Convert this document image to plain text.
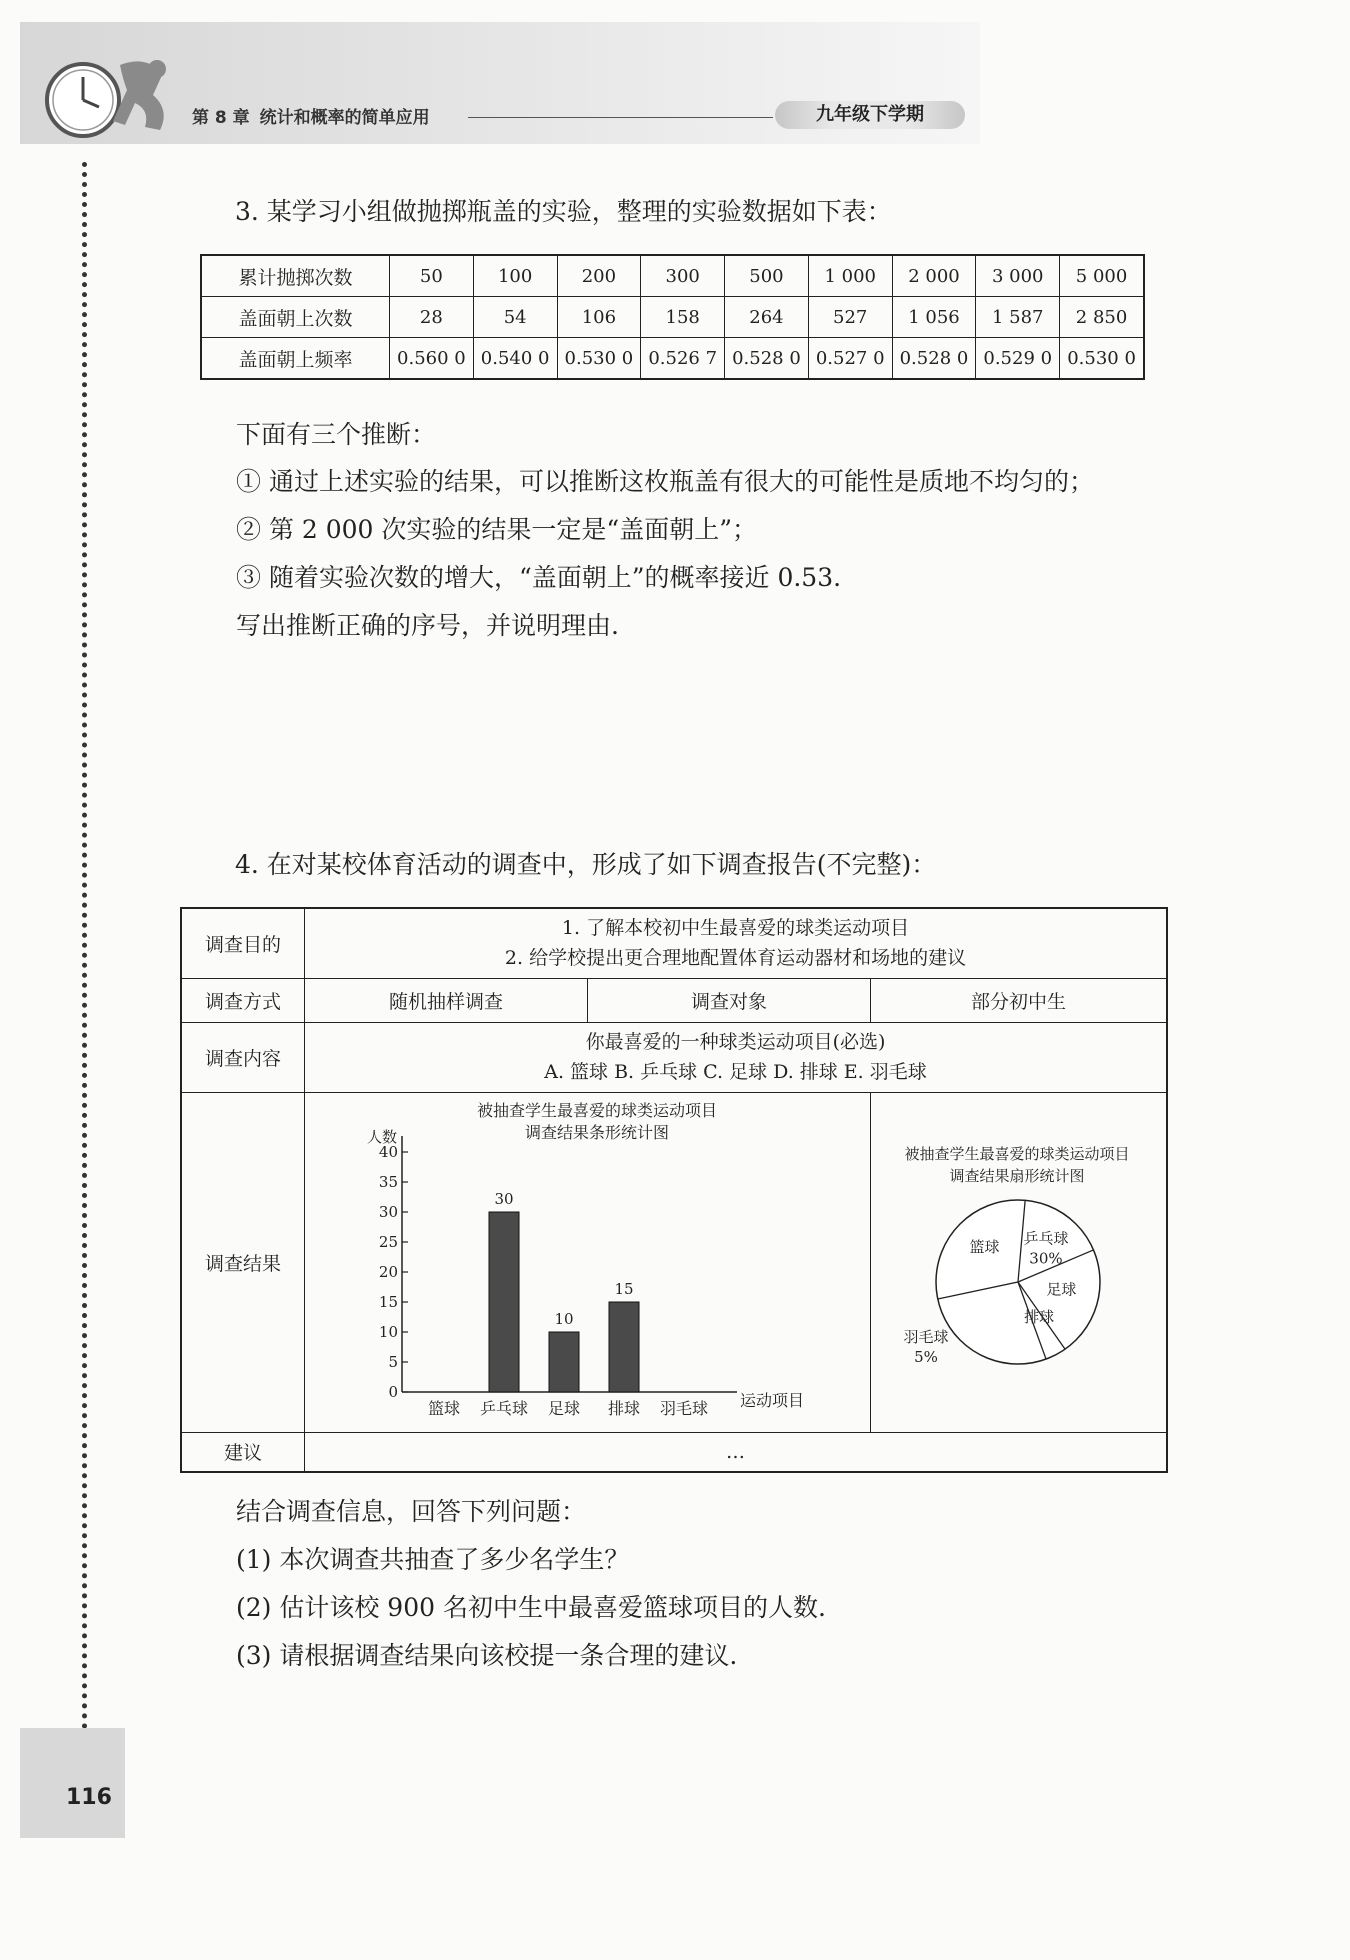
第 8 章 统计和概率的简单应用	九年级下学期
116
3. 某学习小组做抛掷瓶盖的实验，整理的实验数据如下表：
累计抛掷次数	50	100	200	300	500	1 000	2 000	3 000	5 000
盖面朝上次数	28	54	106	158	264	527	1 056	1 587	2 850
盖面朝上频率	0.560 0	0.540 0	0.530 0	0.526 7	0.528 0	0.527 0	0.528 0	0.529 0	0.530 0
下面有三个推断：
① 通过上述实验的结果，可以推断这枚瓶盖有很大的可能性是质地不均匀的；
② 第 2 000 次实验的结果一定是“盖面朝上”；
③ 随着实验次数的增大，“盖面朝上”的概率接近 0.53.
写出推断正确的序号，并说明理由.
4. 在对某校体育活动的调查中，形成了如下调查报告(不完整)：
调查目的	1. 了解本校初中生最喜爱的球类运动项目
2. 给学校提出更合理地配置体育运动器材和场地的建议		

调查方式	随机抽样调查	调查对象	部分初中生
调查内容	你最喜爱的一种球类运动项目(必选)
A. 篮球 B. 乒乓球 C. 足球 D. 排球 E. 羽毛球		

调查结果			
建议	…		
被抽查学生最喜爱的球类运动项目
调查结果条形统计图
人数
运动项目
0
5
10
15
20
25
30
35
40
篮球 乒乓球
30
足球
10
排球
15
羽毛球
被抽查学生最喜爱的球类运动项目
调查结果扇形统计图
篮球 乒乓球
30%
足球
排球
羽毛球
5%
结合调查信息，回答下列问题：
(1) 本次调查共抽查了多少名学生？
(2) 估计该校 900 名初中生中最喜爱篮球项目的人数.
(3) 请根据调查结果向该校提一条合理的建议.
